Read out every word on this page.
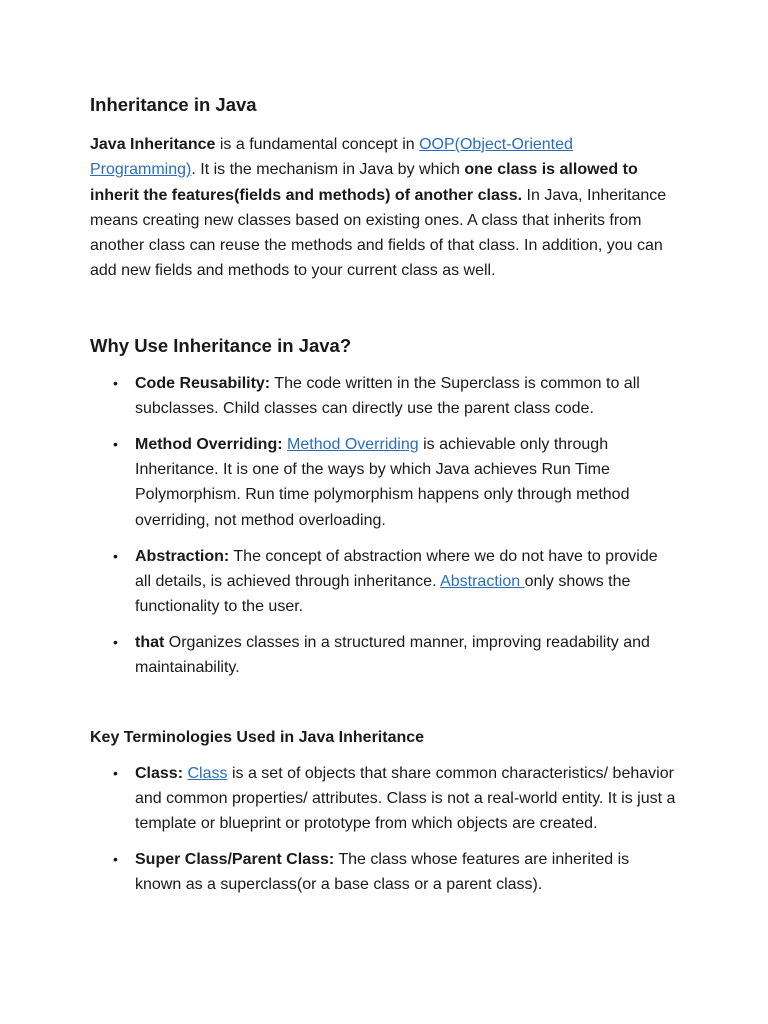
Inheritance in Java

Java Inheritance is a fundamental concept in OOP(Object-Oriented Programming). It is the mechanism in Java by which one class is allowed to inherit the features(fields and methods) of another class. In Java, Inheritance means creating new classes based on existing ones. A class that inherits from another class can reuse the methods and fields of that class. In addition, you can add new fields and methods to your current class as well.

Why Use Inheritance in Java?
• Code Reusability: The code written in the Superclass is common to all subclasses. Child classes can directly use the parent class code.
• Method Overriding: Method Overriding is achievable only through Inheritance. It is one of the ways by which Java achieves Run Time Polymorphism. Run time polymorphism happens only through method overriding, not method overloading.
• Abstraction: The concept of abstraction where we do not have to provide all details, is achieved through inheritance. Abstraction only shows the functionality to the user.
• that Organizes classes in a structured manner, improving readability and maintainability.
Key Terminologies Used in Java Inheritance
• Class: Class is a set of objects that share common characteristics/ behavior and common properties/ attributes. Class is not a real-world entity. It is just a template or blueprint or prototype from which objects are created.
• Super Class/Parent Class: The class whose features are inherited is known as a superclass(or a base class or a parent class).
